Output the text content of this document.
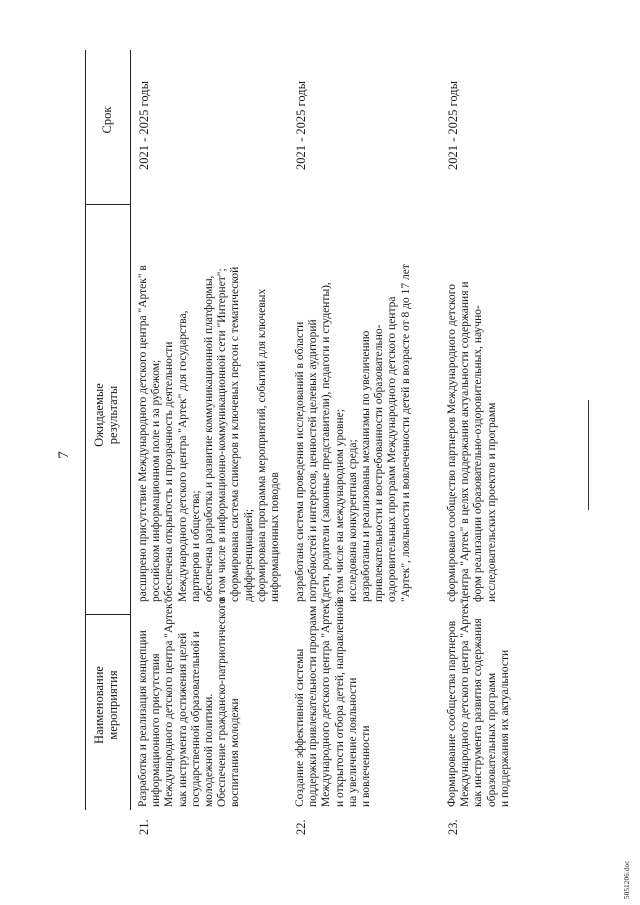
7
Наименование мероприятия
Ожидаемые результаты
Срок
21.
Разработка и реализация концепции информационного присутствия Международного детского центра "Артек" как инструмента достижения целей государственной образовательной и молодежной политики. Обеспечение гражданско-патриотического воспитания молодежи
расширено присутствие Международного детского центра "Артек" в российском информационном поле и за рубежом; обеспечена открытость и прозрачность деятельности Международного детского центра "Артек" для государства, партнеров и общества; обеспечена разработка и развитие коммуникационной платформы, в том числе в информационно-коммуникационной сети "Интернет"; сформирована система спикеров и ключевых персон с тематической дифференциацией; сформирована программа мероприятий, событий для ключевых информационных поводов
2021 - 2025 годы
22.
Создание эффективной системы поддержки привлекательности программ Международного детского центра "Артек" и открытости отбора детей, направленной на увеличение лояльности и вовлеченности
разработана система проведения исследований в области потребностей и интересов, ценностей целевых аудиторий (дети, родители (законные представители), педагоги и студенты), в том числе на международном уровне; исследована конкурентная среда; разработаны и реализованы механизмы по увеличению привлекательности и востребованности образовательно- оздоровительных программ Международного детского центра "Артек", лояльности и вовлеченности детей в возрасте от 8 до 17 лет
2021 - 2025 годы
23.
Формирование сообщества партнеров Международного детского центра "Артек" как инструмента развития содержания образовательных программ и поддержания их актуальности
сформировано сообщество партнеров Международного детского центра "Артек" в целях поддержания актуальности содержания и форм реализации образовательно-оздоровительных, научно- исследовательских проектов и программ
2021 - 2025 годы
5051206.doc
